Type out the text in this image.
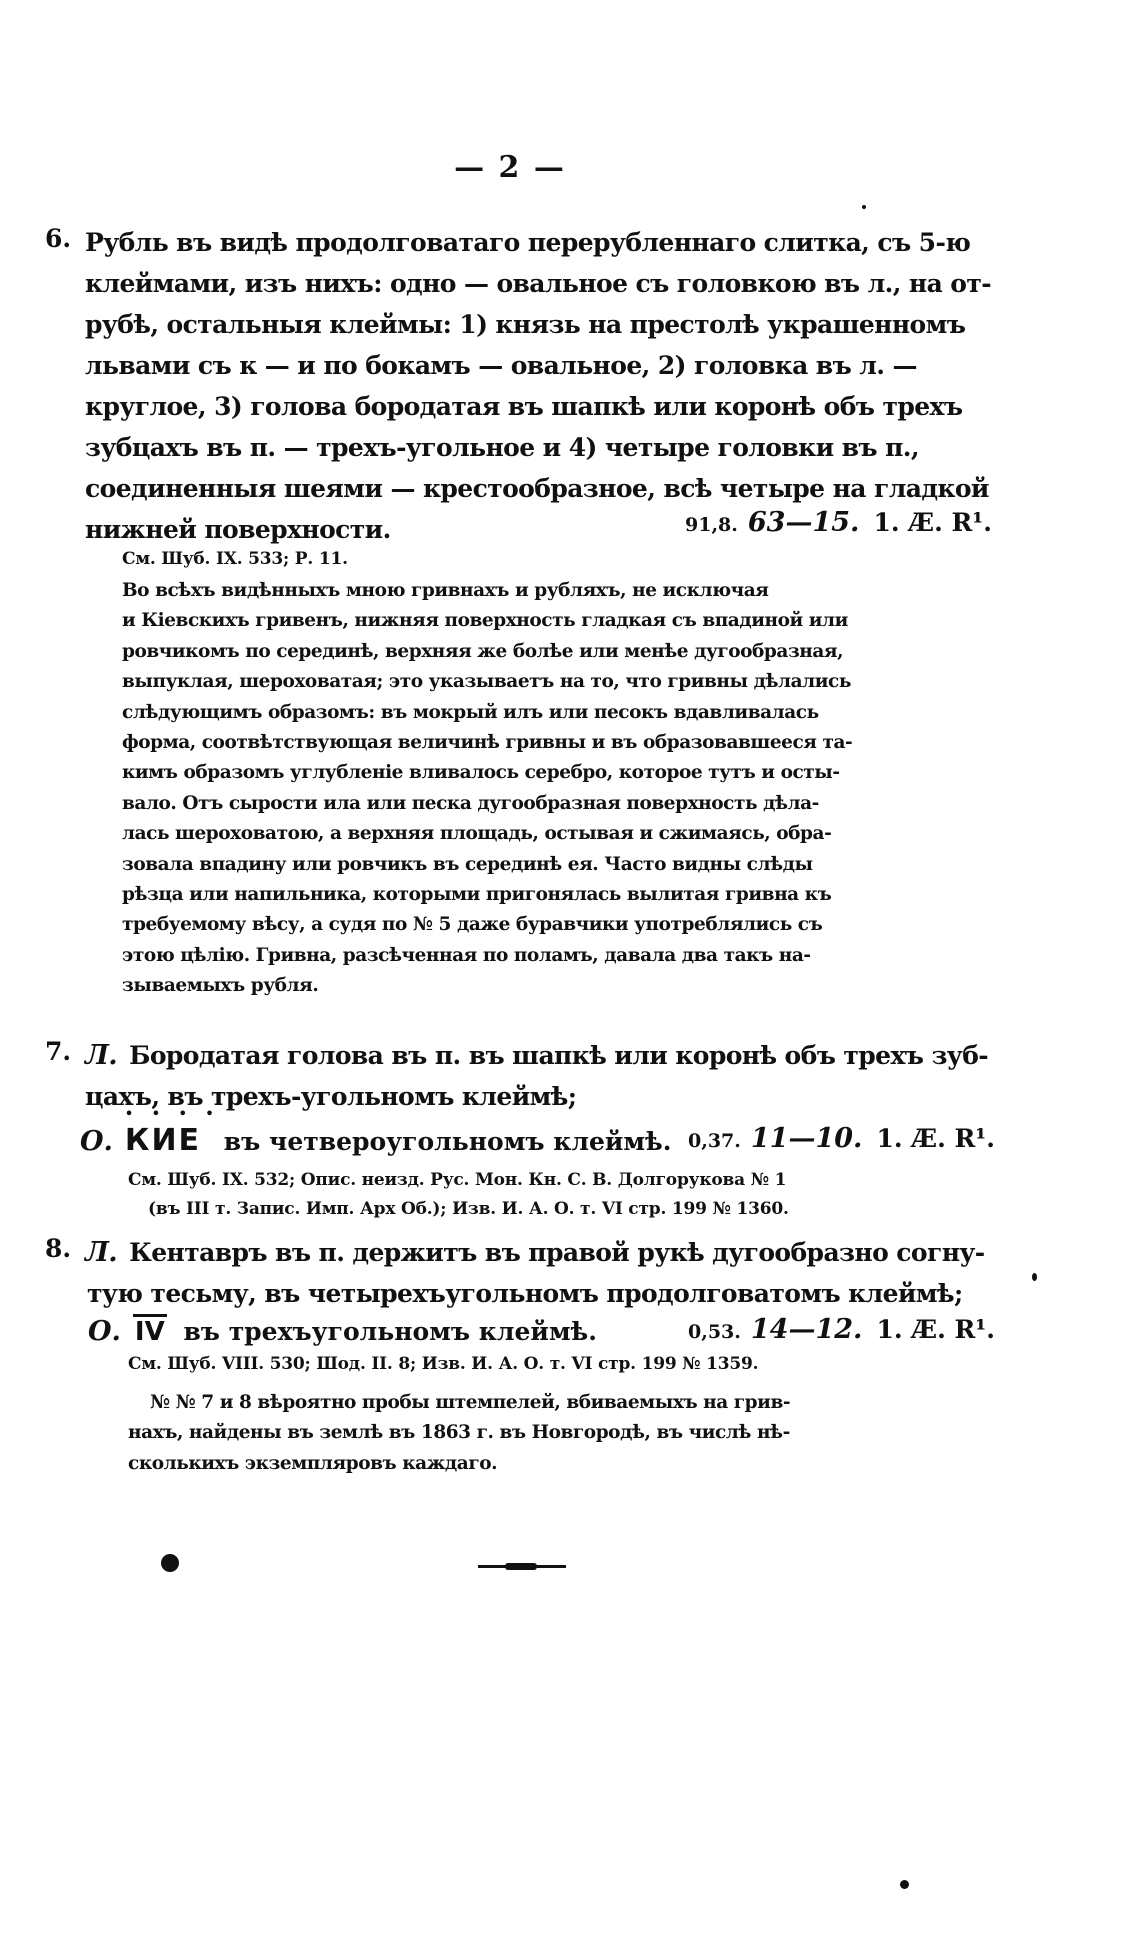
— 2 —
6. Рубль въ видѣ продолговатаго перерубленнаго слитка, съ 5-ю
клеймами, изъ нихъ: одно — овальное съ головкою въ л., на от-
рубѣ, остальныя клеймы: 1) князь на престолѣ украшенномъ
львами съ к — и по бокамъ — овальное, 2) головка въ л. —
круглое, 3) голова бородатая въ шапкѣ или коронѣ объ трехъ
зубцахъ въ п. — трехъ-угольное и 4) четыре головки въ п.,
соединенныя шеями — крестообразное, всѣ четыре на гладкой
нижней поверхности.	91,8. 63—15. 1. Æ. R¹.
См. Шуб. IX. 533; Р. 11.
Во всѣхъ видѣнныхъ мною гривнахъ и рубляхъ, не исключая
и Кіевскихъ гривенъ, нижняя поверхность гладкая съ впадиной или
ровчикомъ по серединѣ, верхняя же болѣе или менѣе дугообразная,
выпуклая, шероховатая; это указываетъ на то, что гривны дѣлались
слѣдующимъ образомъ: въ мокрый илъ или песокъ вдавливалась
форма, соотвѣтствующая величинѣ гривны и въ образовавшееся та-
кимъ образомъ углубленіе вливалось серебро, которое тутъ и осты-
вало. Отъ сырости ила или песка дугообразная поверхность дѣла-
лась шероховатою, а верхняя площадь, остывая и сжимаясь, обра-
зовала впадину или ровчикъ въ серединѣ ея. Часто видны слѣды
рѣзца или напильника, которыми пригонялась вылитая гривна къ
требуемому вѣсу, а судя по № 5 даже буравчики употреблялись съ
этою цѣлію. Гривна, разсѣченная по поламъ, давала два такъ на-
зываемыхъ рубля.
7. Л. Бородатая голова въ п. въ шапкѣ или коронѣ объ трехъ зуб-
цахъ, въ трехъ-угольномъ клеймѣ;
О.
• • • •
КИЕ въ четвероугольномъ клеймѣ. 0,37. 11—10. 1. Æ. R¹.
См. Шуб. IX. 532; Опис. неизд. Рус. Мон. Кн. С. В. Долгорукова № 1
(въ III т. Запис. Имп. Арх Об.); Изв. И. А. О. т. VI стр. 199 № 1360.
8. Л. Кентавръ въ п. держитъ въ правой рукѣ дугообразно согну-
тую тесьму, въ четырехъугольномъ продолговатомъ клеймѣ;
О. IV въ трехъугольномъ клеймѣ.	0,53. 14—12. 1. Æ. R¹.
См. Шуб. VIII. 530; Шод. II. 8; Изв. И. А. О. т. VI стр. 199 № 1359.
№ № 7 и 8 вѣроятно пробы штемпелей, вбиваемыхъ на грив-
нахъ, найдены въ землѣ въ 1863 г. въ Новгородѣ, въ числѣ нѣ-
сколькихъ экземпляровъ каждаго.
